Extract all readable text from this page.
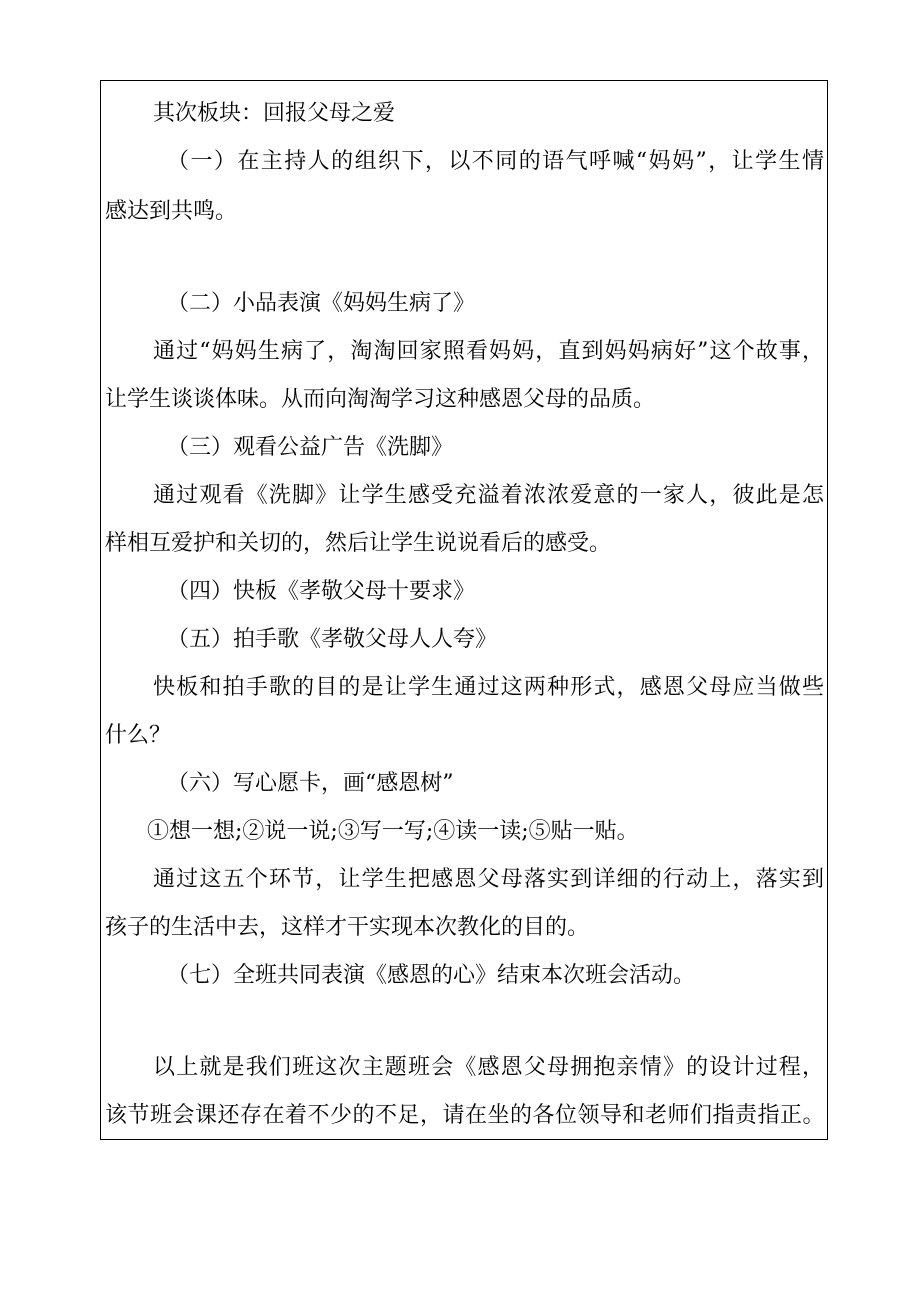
其次板块：回报父母之爱
（一）在主持人的组织下，以不同的语气呼喊“妈妈”，让学生情
感达到共鸣。
（二）小品表演《妈妈生病了》
通过“妈妈生病了，淘淘回家照看妈妈，直到妈妈病好”这个故事，
让学生谈谈体味。从而向淘淘学习这种感恩父母的品质。
（三）观看公益广告《洗脚》
通过观看《洗脚》让学生感受充溢着浓浓爱意的一家人，彼此是怎
样相互爱护和关切的，然后让学生说说看后的感受。
（四）快板《孝敬父母十要求》
（五）拍手歌《孝敬父母人人夸》
快板和拍手歌的目的是让学生通过这两种形式，感恩父母应当做些
什么？
（六）写心愿卡，画“感恩树”
①想一想;②说一说;③写一写;④读一读;⑤贴一贴。
通过这五个环节，让学生把感恩父母落实到详细的行动上，落实到
孩子的生活中去，这样才干实现本次教化的目的。
（七）全班共同表演《感恩的心》结束本次班会活动。
以上就是我们班这次主题班会《感恩父母拥抱亲情》的设计过程，
该节班会课还存在着不少的不足，请在坐的各位领导和老师们指责指正。
